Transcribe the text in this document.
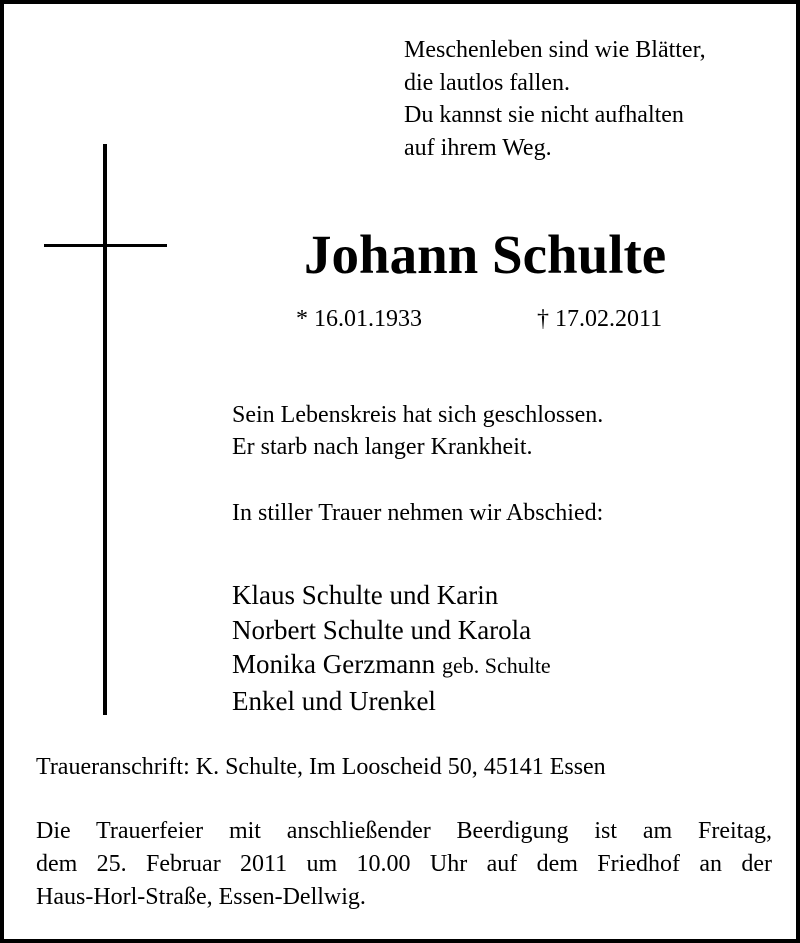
Meschenleben sind wie Blätter,
die lautlos fallen.
Du kannst sie nicht aufhalten
auf ihrem Weg.
Johann Schulte
* 16.01.1933	† 17.02.2011
Sein Lebenskreis hat sich geschlossen.
Er starb nach langer Krankheit.
In stiller Trauer nehmen wir Abschied:
Klaus Schulte und Karin
Norbert Schulte und Karola
Monika Gerzmann geb. Schulte
Enkel und Urenkel
Traueranschrift: K. Schulte, Im Looscheid 50, 45141 Essen
Die Trauerfeier mit anschließender Beerdigung ist am Freitag,
dem 25. Februar 2011 um 10.00 Uhr auf dem Friedhof an der
Haus-Horl-Straße, Essen-Dellwig.
